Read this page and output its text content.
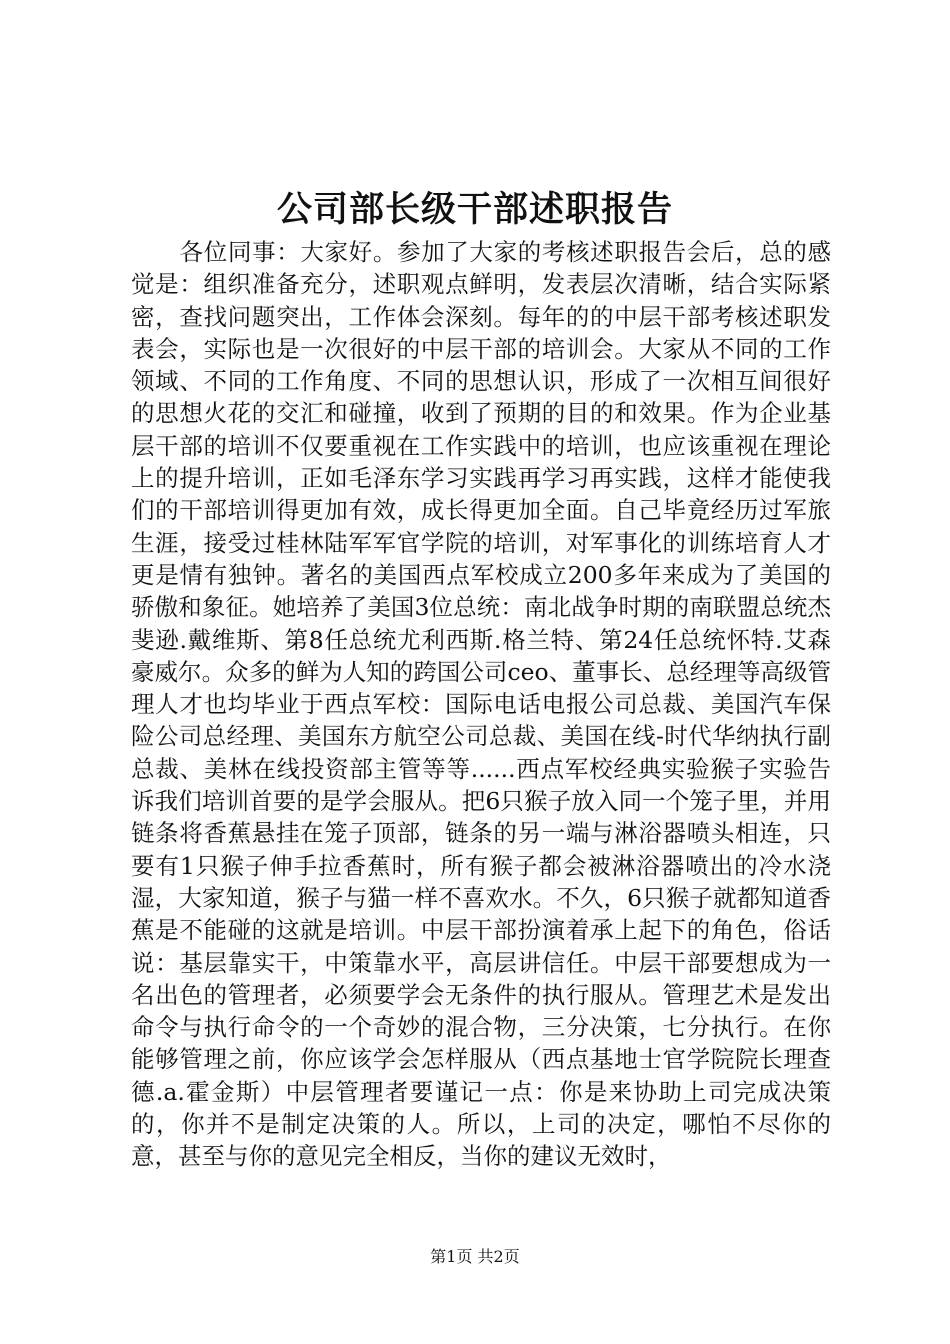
公司部长级干部述职报告

各位同事：大家好。参加了大家的考核述职报告会后，总的感觉是：组织准备充分，述职观点鲜明，发表层次清晰，结合实际紧密，查找问题突出，工作体会深刻。每年的的中层干部考核述职发表会，实际也是一次很好的中层干部的培训会。大家从不同的工作领域、不同的工作角度、不同的思想认识，形成了一次相互间很好的思想火花的交汇和碰撞，收到了预期的目的和效果。作为企业基层干部的培训不仅要重视在工作实践中的培训，也应该重视在理论上的提升培训，正如毛泽东学习实践再学习再实践，这样才能使我们的干部培训得更加有效，成长得更加全面。自己毕竟经历过军旅生涯，接受过桂林陆军军官学院的培训，对军事化的训练培育人才更是情有独钟。著名的美国西点军校成立200多年来成为了美国的骄傲和象征。她培养了美国3位总统：南北战争时期的南联盟总统杰斐逊.戴维斯、第8任总统尤利西斯.格兰特、第24任总统怀特.艾森豪威尔。众多的鲜为人知的跨国公司ceo、董事长、总经理等高级管理人才也均毕业于西点军校：国际电话电报公司总裁、美国汽车保险公司总经理、美国东方航空公司总裁、美国在线-时代华纳执行副总裁、美林在线投资部主管等等......西点军校经典实验猴子实验告诉我们培训首要的是学会服从。把6只猴子放入同一个笼子里，并用链条将香蕉悬挂在笼子顶部，链条的另一端与淋浴器喷头相连，只要有1只猴子伸手拉香蕉时，所有猴子都会被淋浴器喷出的冷水浇湿，大家知道，猴子与猫一样不喜欢水。不久，6只猴子就都知道香蕉是不能碰的这就是培训。中层干部扮演着承上起下的角色，俗话说：基层靠实干，中策靠水平，高层讲信任。中层干部要想成为一名出色的管理者，必须要学会无条件的执行服从。管理艺术是发出命令与执行命令的一个奇妙的混合物，三分决策，七分执行。在你能够管理之前，你应该学会怎样服从（西点基地士官学院院长理查德.a.霍金斯）中层管理者要谨记一点：你是来协助上司完成决策的，你并不是制定决策的人。所以，上司的决定，哪怕不尽你的意，甚至与你的意见完全相反，当你的建议无效时，

第1页 共2页
